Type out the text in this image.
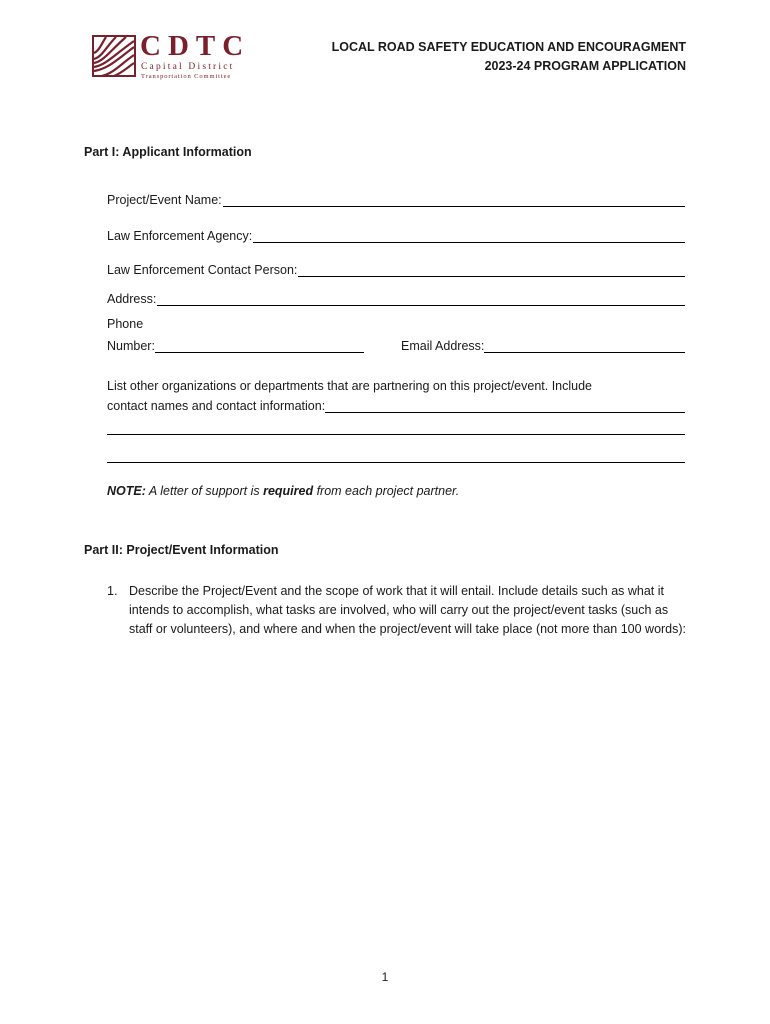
CDTC
Capital District
Transportation Committee
LOCAL ROAD SAFETY EDUCATION AND ENCOURAGMENT
2023-24 PROGRAM APPLICATION
Part I: Applicant Information
Project/Event Name:
Law Enforcement Agency:
Law Enforcement Contact Person:
Address:
Phone
Number:	Email Address:
List other organizations or departments that are partnering on this project/event. Include
contact names and contact information:
NOTE: A letter of support is required from each project partner.
Part II: Project/Event Information
1. Describe the Project/Event and the scope of work that it will entail. Include details such as what it intends to accomplish, what tasks are involved, who will carry out the project/event tasks (such as staff or volunteers), and where and when the project/event will take place (not more than 100 words):
1
